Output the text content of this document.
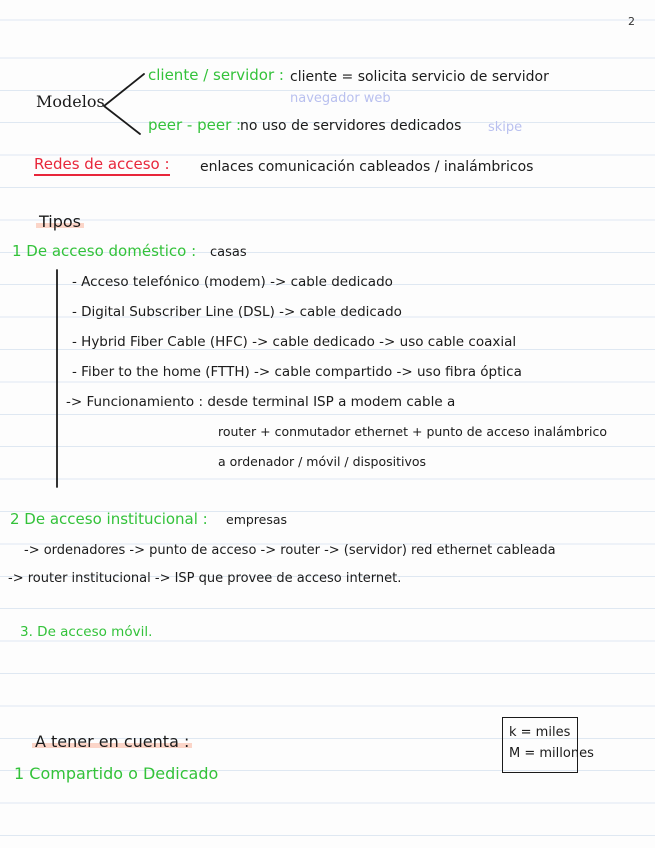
2
Modelos
cliente / servidor : cliente = solicita servicio de servidor
navegador web
peer - peer :
no uso de servidores dedicados skipe
Redes de acceso : enlaces comunicación cableados / inalámbricos
Tipos
1 De acceso doméstico : casas
- Acceso telefónico (modem) -> cable dedicado
- Digital Subscriber Line (DSL) -> cable dedicado
- Hybrid Fiber Cable (HFC) -> cable dedicado -> uso cable coaxial
- Fiber to the home (FTTH) -> cable compartido -> uso fibra óptica
-> Funcionamiento : desde terminal ISP a modem cable a
router + conmutador ethernet + punto de acceso inalámbrico
a ordenador / móvil / dispositivos
2 De acceso institucional : empresas
-> ordenadores -> punto de acceso -> router -> (servidor) red ethernet cableada
-> router institucional -> ISP que provee de acceso internet.
3. De acceso móvil.
A tener en cuenta :
1 Compartido o Dedicado
k = miles
M = millones
